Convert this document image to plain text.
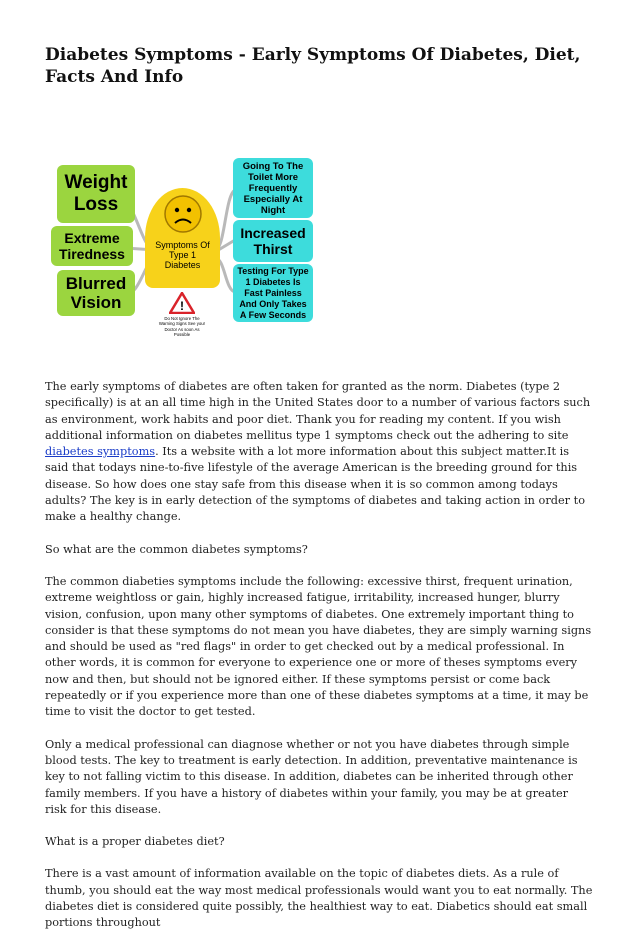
Diabetes Symptoms - Early Symptoms Of Diabetes, Diet, Facts And Info
Weight Loss
Extreme Tiredness
Blurred Vision
Symptoms Of Type 1 Diabetes
Going To The Toilet More Frequently Especially At Night
Increased Thirst
Testing For Type 1 Diabetes Is Fast Painless And Only Takes A Few Seconds
!
Do Not Ignore The Warning Signs See your Doctor As soon As Possible

The early symptoms of diabetes are often taken for granted as the norm. Diabetes (type 2 specifically) is at an all time high in the United States door to a number of various factors such as environment, work habits and poor diet. Thank you for reading my content. If you wish additional information on diabetes mellitus type 1 symptoms check out the adhering to site diabetes symptoms. Its a website with a lot more information about this subject matter.It is said that todays nine-to-five lifestyle of the average American is the breeding ground for this disease. So how does one stay safe from this disease when it is so common among todays adults? The key is in early detection of the symptoms of diabetes and taking action in order to make a healthy change.

So what are the common diabetes symptoms?

The common diabeties symptoms include the following: excessive thirst, frequent urination, extreme weightloss or gain, highly increased fatigue, irritability, increased hunger, blurry vision, confusion, upon many other symptoms of diabetes. One extremely important thing to consider is that these symptoms do not mean you have diabetes, they are simply warning signs and should be used as "red flags" in order to get checked out by a medical professional. In other words, it is common for everyone to experience one or more of theses symptoms every now and then, but should not be ignored either. If these symptoms persist or come back repeatedly or if you experience more than one of these diabetes symptoms at a time, it may be time to visit the doctor to get tested.

Only a medical professional can diagnose whether or not you have diabetes through simple blood tests. The key to treatment is early detection. In addition, preventative maintenance is key to not falling victim to this disease. In addition, diabetes can be inherited through other family members. If you have a history of diabetes within your family, you may be at greater risk for this disease.

What is a proper diabetes diet?

There is a vast amount of information available on the topic of diabetes diets. As a rule of thumb, you should eat the way most medical professionals would want you to eat normally. The diabetes diet is considered quite possibly, the healthiest way to eat. Diabetics should eat small portions throughout
